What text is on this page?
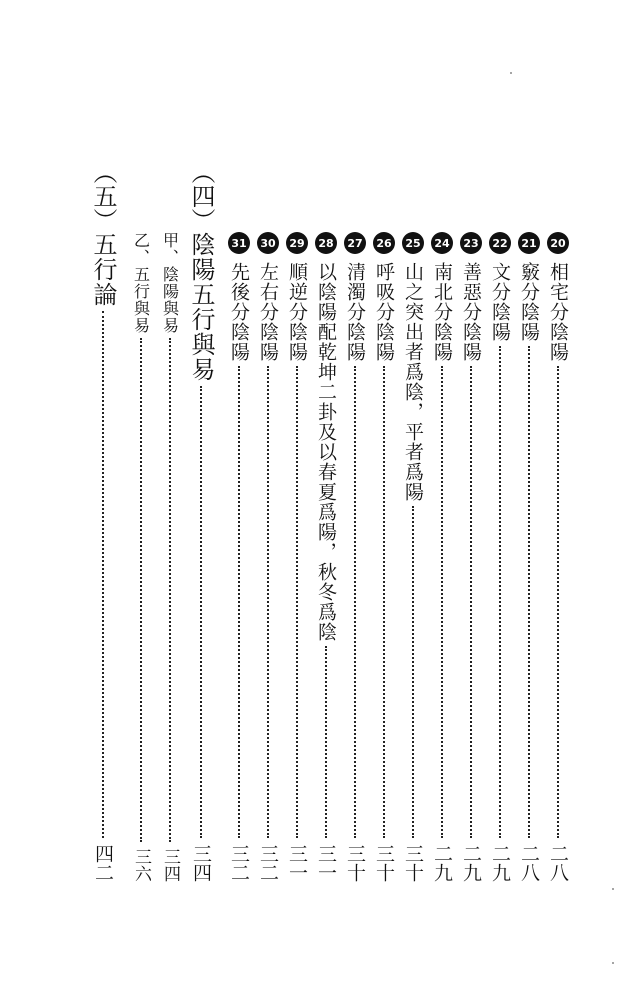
20
相宅分陰陽
二八
21
竅分陰陽
二八
22
文分陰陽
二九
23
善惡分陰陽
二九
24
南北分陰陽
二九
25
山之突出者爲陰，平者爲陽
三十
26
呼吸分陰陽
三十
27
清濁分陰陽
三十
28
以陰陽配乾坤二卦及以春夏爲陽，秋冬爲陰
三一
29
順逆分陰陽
三一
30
左右分陰陽
三二
31
先後分陰陽
三二
（四）
陰陽五行與易
三四
甲、陰陽與易
三四
乙、五行與易
三六
（五）
五行論
四二
